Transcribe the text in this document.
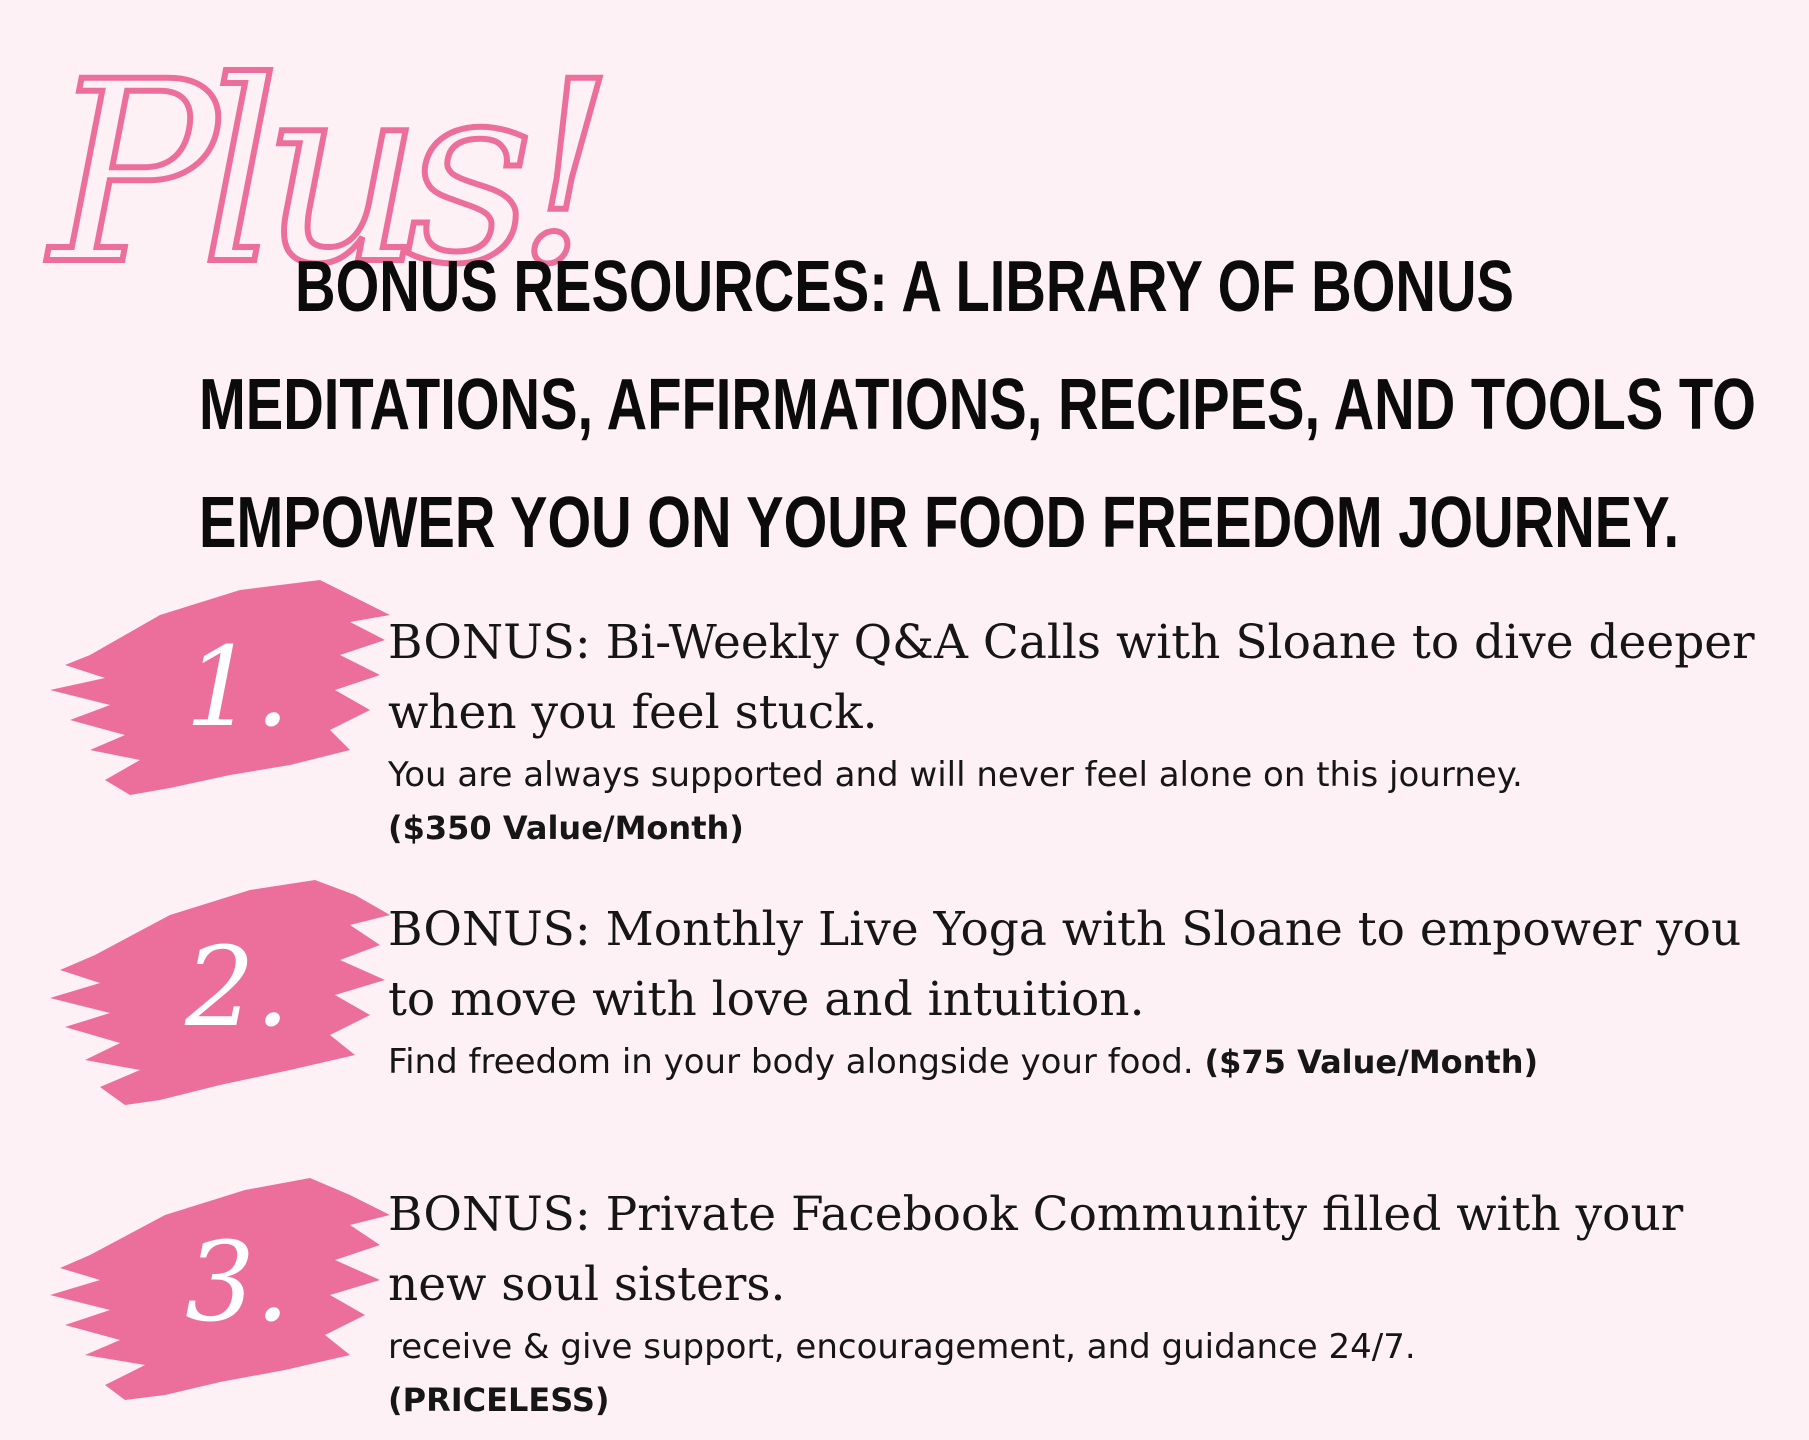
Plus!
BONUS RESOURCES: A LIBRARY OF BONUS
MEDITATIONS, AFFIRMATIONS, RECIPES, AND TOOLS TO
EMPOWER YOU ON YOUR FOOD FREEDOM JOURNEY.
1. BONUS: Bi-Weekly Q&A Calls with Sloane to dive deeper when you feel stuck.

You are always supported and will never feel alone on this journey.

($350 Value/Month)
2. BONUS: Monthly Live Yoga with Sloane to empower you to move with love and intuition.

Find freedom in your body alongside your food. ($75 Value/Month)

3.

BONUS: Private Facebook Community filled with your new soul sisters.

receive & give support, encouragement, and guidance 24/7.

(PRICELESS)
